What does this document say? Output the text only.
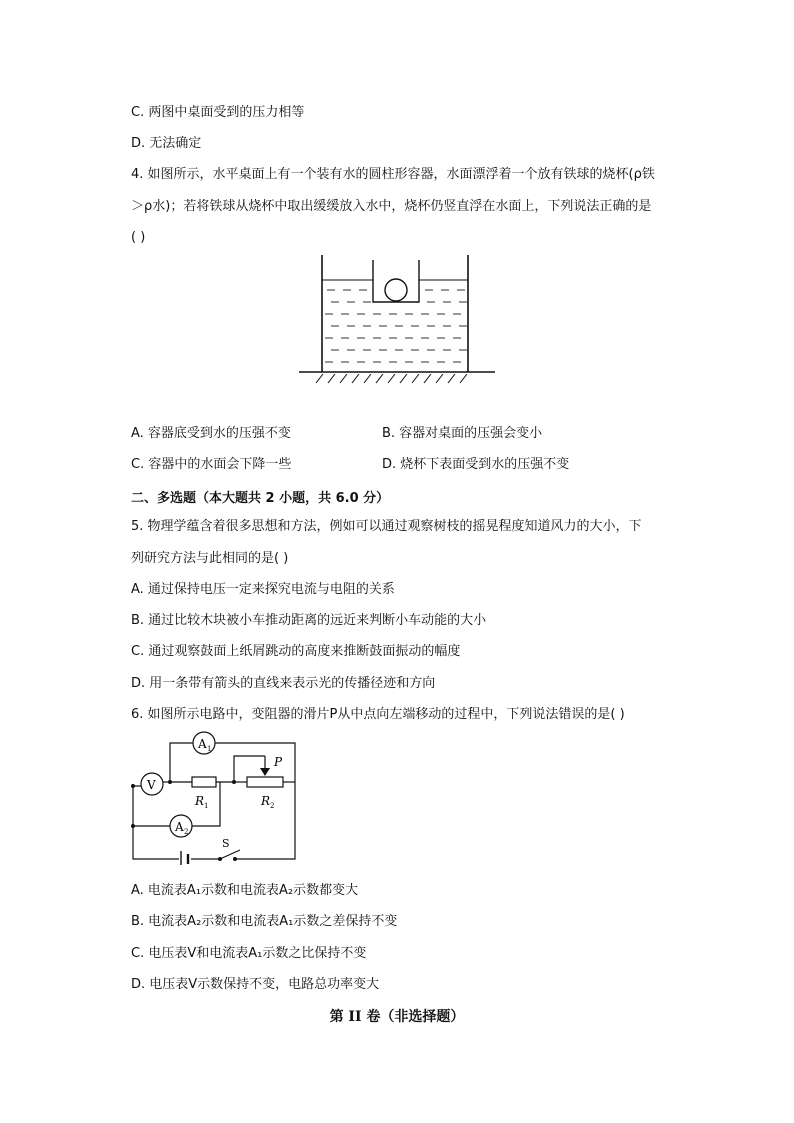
C. 两图中桌面受到的压力相等
D. 无法确定
4. 如图所示，水平桌面上有一个装有水的圆柱形容器，水面漂浮着一个放有铁球的烧杯(ρ铁
＞ρ水)；若将铁球从烧杯中取出缓缓放入水中，烧杯仍竖直浮在水面上，下列说法正确的是
( )
A. 容器底受到水的压强不变	B. 容器对桌面的压强会变小
C. 容器中的水面会下降一些	D. 烧杯下表面受到水的压强不变
二、多选题（本大题共 2 小题，共 6.0 分）
5. 物理学蕴含着很多思想和方法，例如可以通过观察树枝的摇晃程度知道风力的大小，下
列研究方法与此相同的是( )
A. 通过保持电压一定来探究电流与电阻的关系
B. 通过比较木块被小车推动距离的远近来判断小车动能的大小
C. 通过观察鼓面上纸屑跳动的高度来推断鼓面振动的幅度
D. 用一条带有箭头的直线来表示光的传播径迹和方向
6. 如图所示电路中，变阻器的滑片P从中点向左端移动的过程中，下列说法错误的是( )
A 1
V
A 2
R 1	R 2
P
S
A. 电流表A₁示数和电流表A₂示数都变大
B. 电流表A₂示数和电流表A₁示数之差保持不变
C. 电压表V和电流表A₁示数之比保持不变
D. 电压表V示数保持不变，电路总功率变大
第 II 卷（非选择题）
